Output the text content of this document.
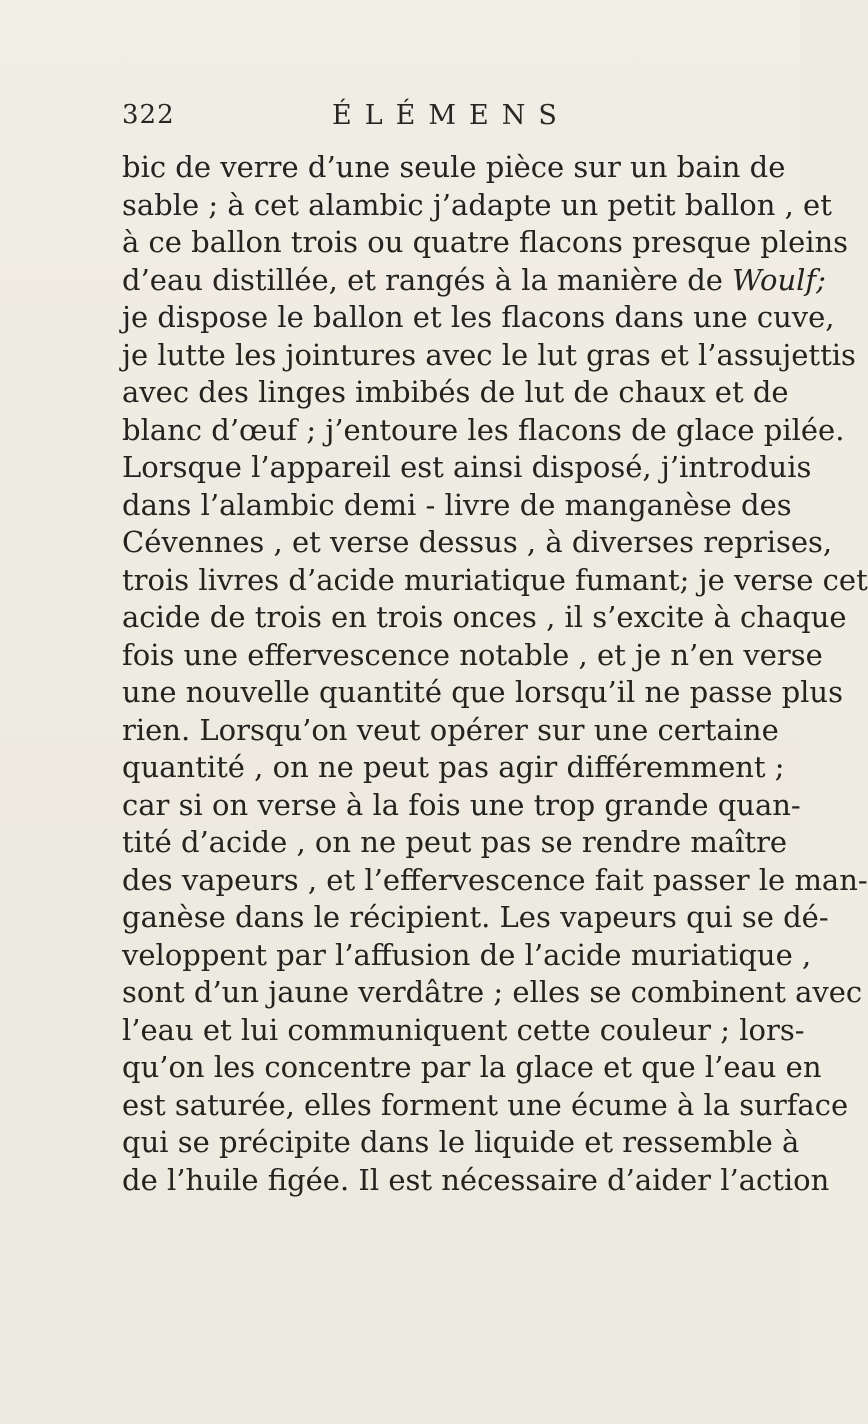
322	ÉLÉMENS
bic de verre d’une seule pièce sur un bain de
sable ; à cet alambic j’adapte un petit ballon , et
à ce ballon trois ou quatre flacons presque pleins
d’eau distillée, et rangés à la manière de Woulf;
je dispose le ballon et les flacons dans une cuve,
je lutte les jointures avec le lut gras et l’assujettis
avec des linges imbibés de lut de chaux et de
blanc d’œuf ; j’entoure les flacons de glace pilée.
Lorsque l’appareil est ainsi disposé, j’introduis
dans l’alambic demi - livre de manganèse des
Cévennes , et verse dessus , à diverses reprises,
trois livres d’acide muriatique fumant; je verse cet
acide de trois en trois onces , il s’excite à chaque
fois une effervescence notable , et je n’en verse
une nouvelle quantité que lorsqu’il ne passe plus
rien. Lorsqu’on veut opérer sur une certaine
quantité , on ne peut pas agir différemment ;
car si on verse à la fois une trop grande quan-
tité d’acide , on ne peut pas se rendre maître
des vapeurs , et l’effervescence fait passer le man-
ganèse dans le récipient. Les vapeurs qui se dé-
veloppent par l’affusion de l’acide muriatique ,
sont d’un jaune verdâtre ; elles se combinent avec
l’eau et lui communiquent cette couleur ; lors-
qu’on les concentre par la glace et que l’eau en
est saturée, elles forment une écume à la surface
qui se précipite dans le liquide et ressemble à
de l’huile figée. Il est nécessaire d’aider l’action
